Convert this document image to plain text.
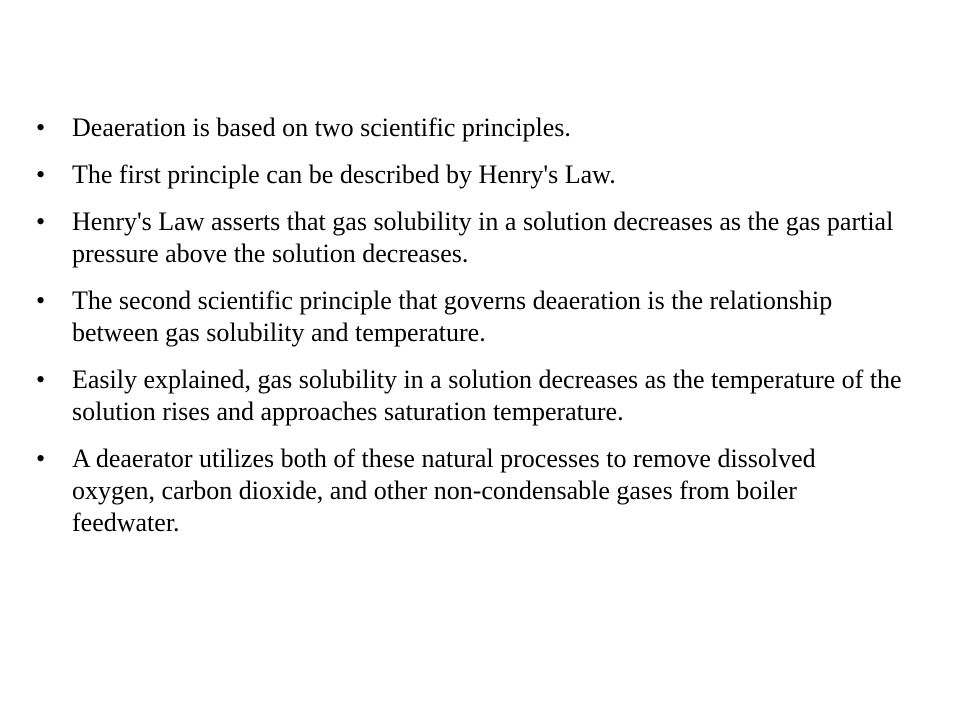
•	Deaeration is based on two scientific principles.
•	The first principle can be described by Henry's Law.
•	Henry's Law asserts that gas solubility in a solution decreases as the gas partial pressure above the solution decreases.
•	The second scientific principle that governs deaeration is the relationship between gas solubility and temperature.
•	Easily explained, gas solubility in a solution decreases as the temperature of the solution rises and approaches saturation temperature.
•	A deaerator utilizes both of these natural processes to remove dissolved oxygen, carbon dioxide, and other non-condensable gases from boiler feedwater.
